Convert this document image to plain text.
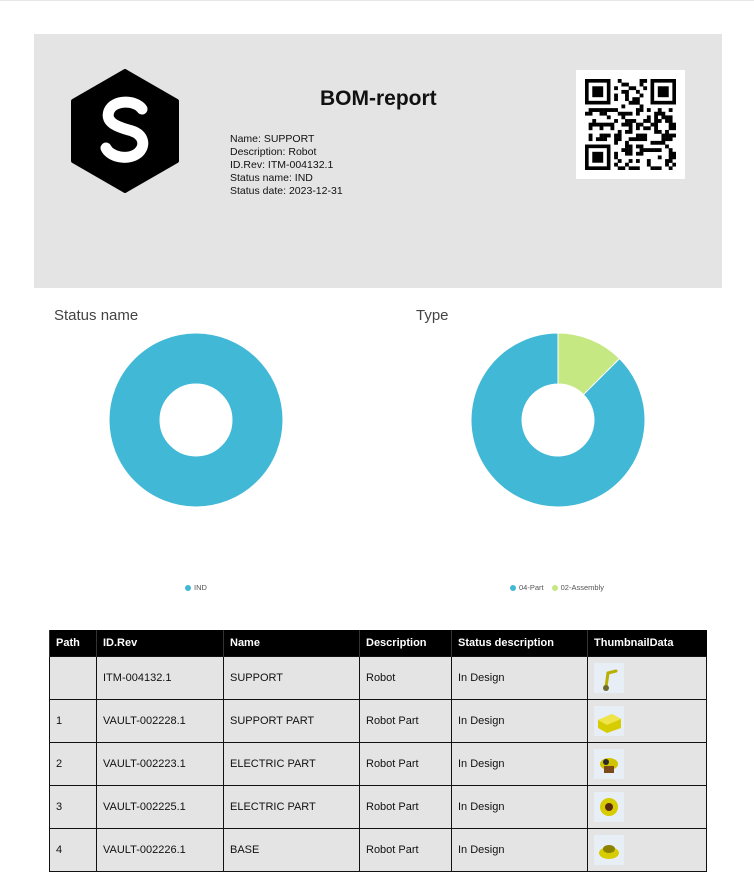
BOM-report
Name: SUPPORT
Description: Robot
ID.Rev: ITM-004132.1
Status name: IND
Status date: 2023-12-31
Status name
IND
Type
04-Part 02-Assembly
Path	ID.Rev	Name	Description	Status description	ThumbnailData
	ITM-004132.1	SUPPORT	Robot	In Design	

1	VAULT-002228.1	SUPPORT PART	Robot Part	In Design	

2	VAULT-002223.1	ELECTRIC PART	Robot Part	In Design	

3	VAULT-002225.1	ELECTRIC PART	Robot Part	In Design	

4	VAULT-002226.1	BASE	Robot Part	In Design	
